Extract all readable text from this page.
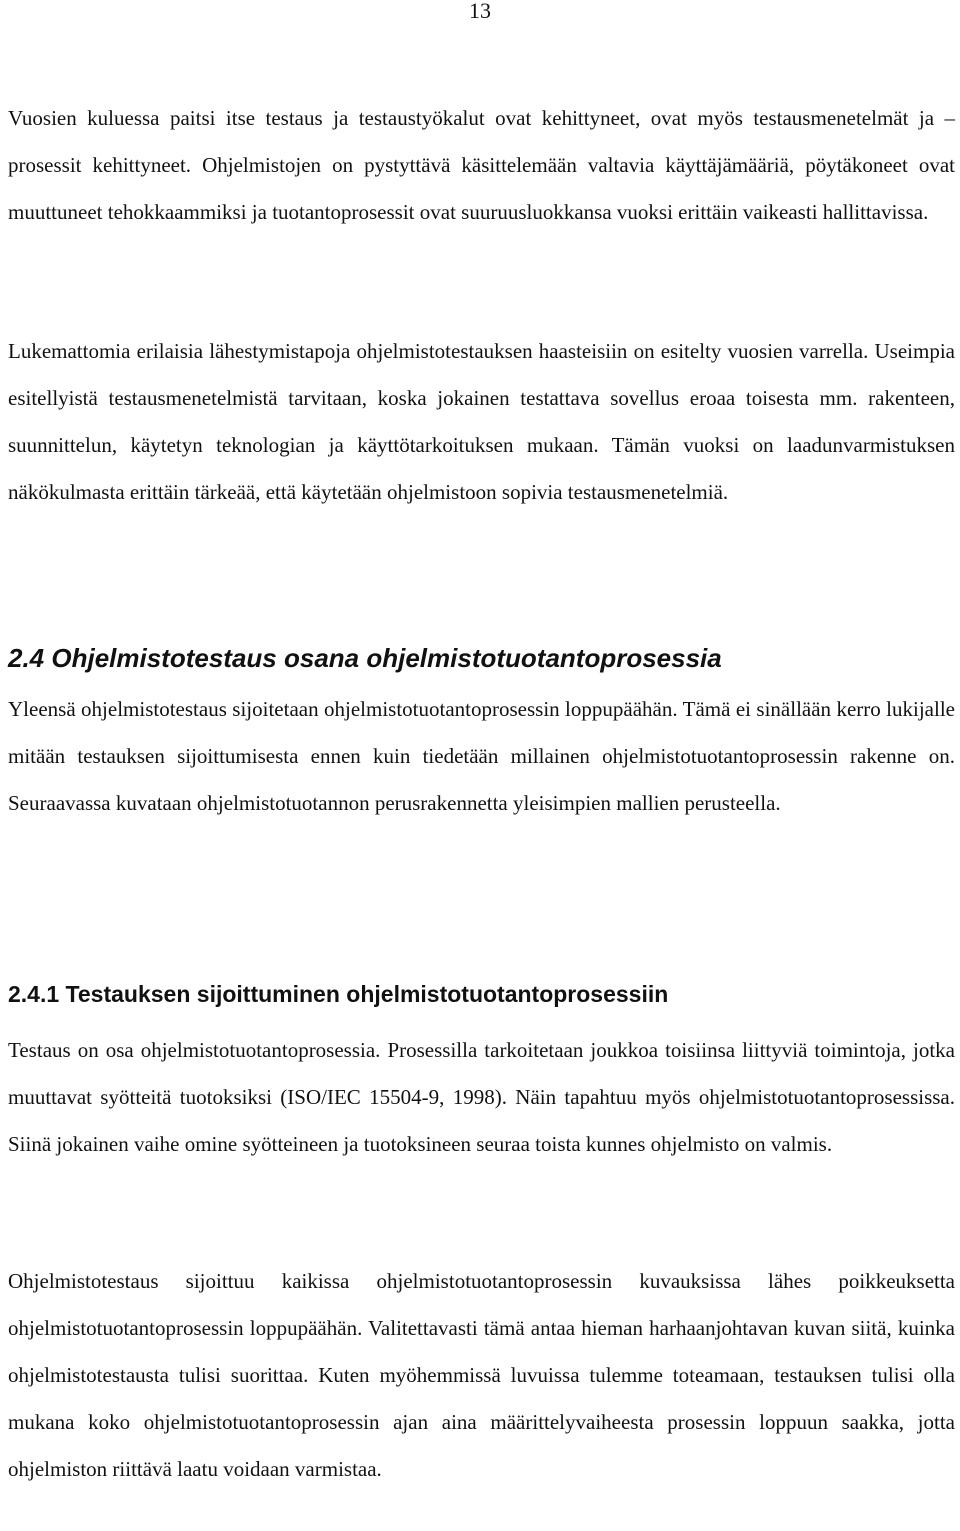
13

Vuosien kuluessa paitsi itse testaus ja testaustyökalut ovat kehittyneet, ovat myös testausmenetelmät ja –prosessit kehittyneet. Ohjelmistojen on pystyttävä käsittelemään valtavia käyttäjämääriä, pöytäkoneet ovat muuttuneet tehokkaammiksi ja tuotantoprosessit ovat suuruusluokkansa vuoksi erittäin vaikeasti hallittavissa.

Lukemattomia erilaisia lähestymistapoja ohjelmistotestauksen haasteisiin on esitelty vuosien varrella. Useimpia esitellyistä testausmenetelmistä tarvitaan, koska jokainen testattava sovellus eroaa toisesta mm. rakenteen, suunnittelun, käytetyn teknologian ja käyttötarkoituksen mukaan. Tämän vuoksi on laadunvarmistuksen näkökulmasta erittäin tärkeää, että käytetään ohjelmistoon sopivia testausmenetelmiä.

2.4 Ohjelmistotestaus osana ohjelmistotuotantoprosessia

Yleensä ohjelmistotestaus sijoitetaan ohjelmistotuotantoprosessin loppupäähän. Tämä ei sinällään kerro lukijalle mitään testauksen sijoittumisesta ennen kuin tiedetään millainen ohjelmistotuotantoprosessin rakenne on. Seuraavassa kuvataan ohjelmistotuotannon perusrakennetta yleisimpien mallien perusteella.

2.4.1 Testauksen sijoittuminen ohjelmistotuotantoprosessiin

Testaus on osa ohjelmistotuotantoprosessia. Prosessilla tarkoitetaan joukkoa toisiinsa liittyviä toimintoja, jotka muuttavat syötteitä tuotoksiksi (ISO/IEC 15504-9, 1998). Näin tapahtuu myös ohjelmistotuotantoprosessissa. Siinä jokainen vaihe omine syötteineen ja tuotoksineen seuraa toista kunnes ohjelmisto on valmis.

Ohjelmistotestaus sijoittuu kaikissa ohjelmistotuotantoprosessin kuvauksissa lähes poikkeuksetta ohjelmistotuotantoprosessin loppupäähän. Valitettavasti tämä antaa hieman harhaanjohtavan kuvan siitä, kuinka ohjelmistotestausta tulisi suorittaa. Kuten myöhemmissä luvuissa tulemme toteamaan, testauksen tulisi olla mukana koko ohjelmistotuotantoprosessin ajan aina määrittelyvaiheesta prosessin loppuun saakka, jotta ohjelmiston riittävä laatu voidaan varmistaa.
